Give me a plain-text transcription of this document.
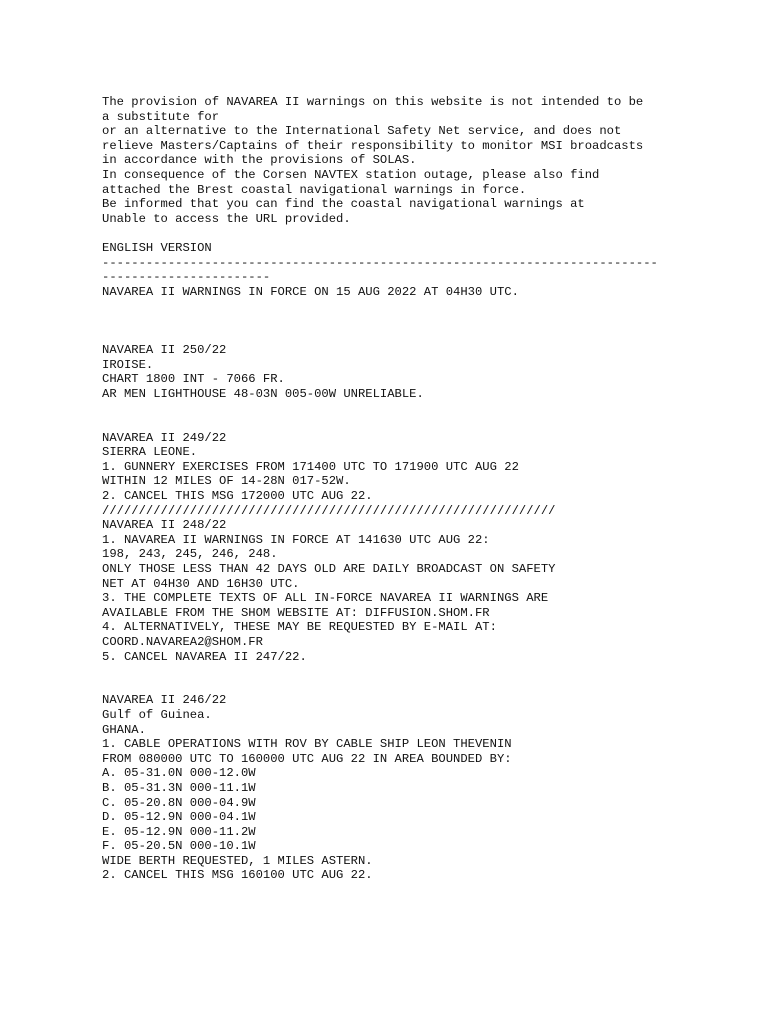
The provision of NAVAREA II warnings on this website is not intended to be
a substitute for
or an alternative to the International Safety Net service, and does not
relieve Masters/Captains of their responsibility to monitor MSI broadcasts
in accordance with the provisions of SOLAS.
In consequence of the Corsen NAVTEX station outage, please also find
attached the Brest coastal navigational warnings in force.
Be informed that you can find the coastal navigational warnings at
Unable to access the URL provided.
ENGLISH VERSION
----------------------------------------------------------------------------
-----------------------
NAVAREA II WARNINGS IN FORCE ON 15 AUG 2022 AT 04H30 UTC.
NAVAREA II 250/22
IROISE.
CHART 1800 INT - 7066 FR.
AR MEN LIGHTHOUSE 48-03N 005-00W UNRELIABLE.
NAVAREA II 249/22
SIERRA LEONE.
1. GUNNERY EXERCISES FROM 171400 UTC TO 171900 UTC AUG 22
WITHIN 12 MILES OF 14-28N 017-52W.
2. CANCEL THIS MSG 172000 UTC AUG 22.
//////////////////////////////////////////////////////////////
NAVAREA II 248/22
1. NAVAREA II WARNINGS IN FORCE AT 141630 UTC AUG 22:
198, 243, 245, 246, 248.
ONLY THOSE LESS THAN 42 DAYS OLD ARE DAILY BROADCAST ON SAFETY
NET AT 04H30 AND 16H30 UTC.
3. THE COMPLETE TEXTS OF ALL IN-FORCE NAVAREA II WARNINGS ARE
AVAILABLE FROM THE SHOM WEBSITE AT: DIFFUSION.SHOM.FR
4. ALTERNATIVELY, THESE MAY BE REQUESTED BY E-MAIL AT:
COORD.NAVAREA2@SHOM.FR
5. CANCEL NAVAREA II 247/22.
NAVAREA II 246/22
Gulf of Guinea.
GHANA.
1. CABLE OPERATIONS WITH ROV BY CABLE SHIP LEON THEVENIN
FROM 080000 UTC TO 160000 UTC AUG 22 IN AREA BOUNDED BY:
A. 05-31.0N 000-12.0W
B. 05-31.3N 000-11.1W
C. 05-20.8N 000-04.9W
D. 05-12.9N 000-04.1W
E. 05-12.9N 000-11.2W
F. 05-20.5N 000-10.1W
WIDE BERTH REQUESTED, 1 MILES ASTERN.
2. CANCEL THIS MSG 160100 UTC AUG 22.
